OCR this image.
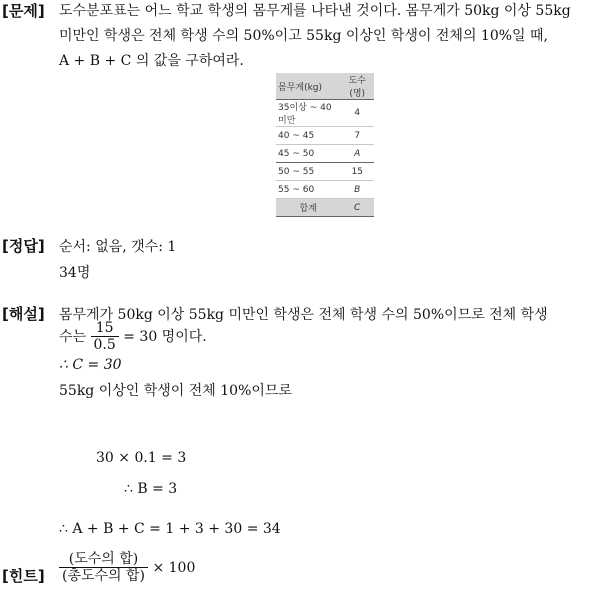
[문제] 도수분포표는 어느 학교 학생의 몸무게를 나타낸 것이다. 몸무게가 50kg 이상 55kg
미만인 학생은 전체 학생 수의 50%이고 55kg 이상인 학생이 전체의 10%일 때,
A + B + C 의 값을 구하여라.
몸무게(kg)	도수(명)
35이상 ~ 40미만	4
40 ~ 45	7
45 ~ 50	A
50 ~ 55	15
55 ~ 60	B
합계	C
[정답] 순서: 없음, 갯수: 1
34명
[해설] 몸무게가 50kg 이상 55kg 미만인 학생은 전체 학생 수의 50%이므로 전체 학생
수는 $\frac{15}{0.5} = 30$ 명이다.
∴ C = 30
55kg 이상인 학생이 전체 10%이므로
30 × 0.1 = 3
∴ B = 3
∴ A + B + C = 1 + 3 + 30 = 34
[힌트] $\frac{\text{(도수의 합)}}{\text{(총도수의 합)}} \times 100$
